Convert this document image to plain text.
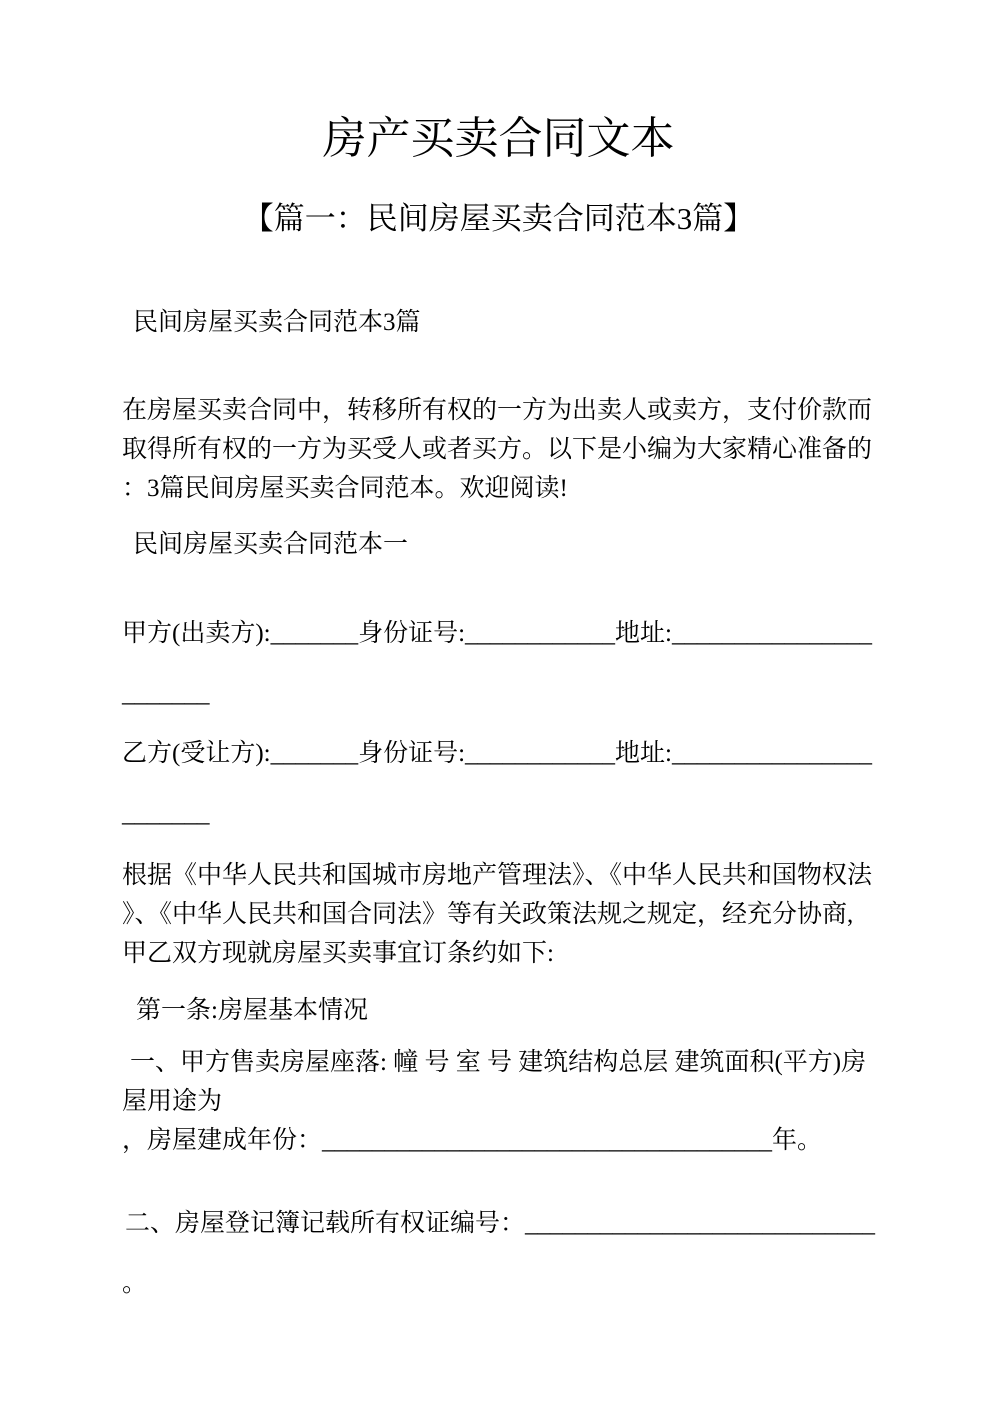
房产买卖合同文本
【篇一：民间房屋买卖合同范本3篇】
民间房屋买卖合同范本3篇
在房屋买卖合同中，转移所有权的一方为出卖人或卖方，支付价款而取得所有权的一方为买受人或者买方。以下是小编为大家精心准备的：3篇民间房屋买卖合同范本。欢迎阅读!
民间房屋买卖合同范本一
甲方(出卖方):_______身份证号:____________地址:_______________________
乙方(受让方):_______身份证号:____________地址:_______________________
根据《中华人民共和国城市房地产管理法》、《中华人民共和国物权法》、《中华人民共和国合同法》等有关政策法规之规定，经充分协商,甲乙双方现就房屋买卖事宜订条约如下:
第一条:房屋基本情况
一、甲方售卖房屋座落: 幢 号 室 号 建筑结构总层 建筑面积(平方)房屋用途为
，房屋建成年份：____________________________________年。
二、房屋登记簿记载所有权证编号：____________________________
。
